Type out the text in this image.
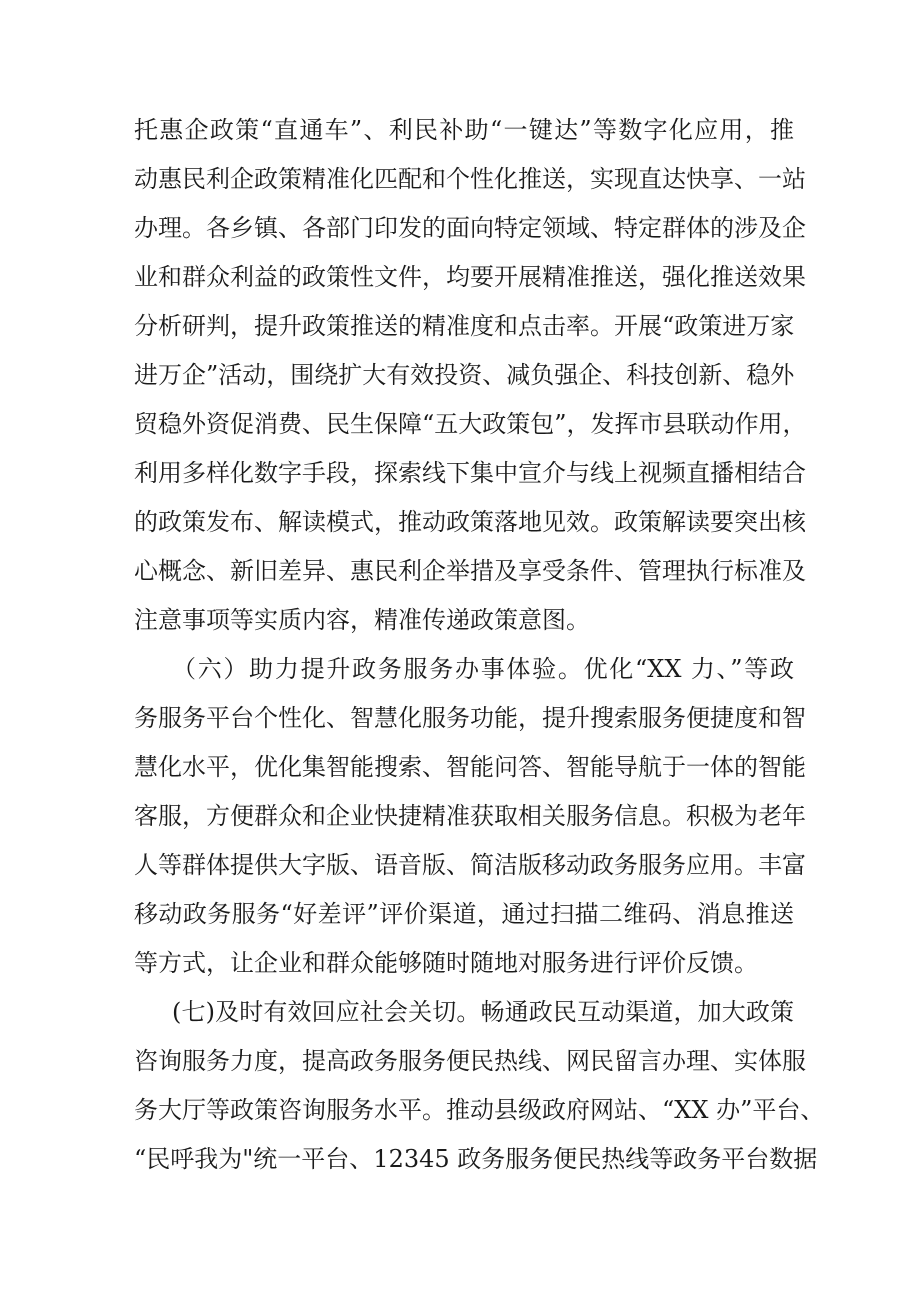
托惠企政策“直通车”、利民补助“一键达”等数字化应用，推
动惠民利企政策精准化匹配和个性化推送，实现直达快享、一站
办理。各乡镇、各部门印发的面向特定领域、特定群体的涉及企
业和群众利益的政策性文件，均要开展精准推送，强化推送效果
分析研判，提升政策推送的精准度和点击率。开展“政策进万家
进万企”活动，围绕扩大有效投资、减负强企、科技创新、稳外
贸稳外资促消费、民生保障“五大政策包”，发挥市县联动作用，
利用多样化数字手段，探索线下集中宣介与线上视频直播相结合
的政策发布、解读模式，推动政策落地见效。政策解读要突出核
心概念、新旧差异、惠民利企举措及享受条件、管理执行标准及
注意事项等实质内容，精准传递政策意图。
（六）助力提升政务服务办事体验。优化“XX 力、”等政
务服务平台个性化、智慧化服务功能，提升搜索服务便捷度和智
慧化水平，优化集智能搜索、智能问答、智能导航于一体的智能
客服，方便群众和企业快捷精准获取相关服务信息。积极为老年
人等群体提供大字版、语音版、简洁版移动政务服务应用。丰富
移动政务服务“好差评”评价渠道，通过扫描二维码、消息推送
等方式，让企业和群众能够随时随地对服务进行评价反馈。
(七)及时有效回应社会关切。畅通政民互动渠道，加大政策
咨询服务力度，提高政务服务便民热线、网民留言办理、实体服
务大厅等政策咨询服务水平。推动县级政府网站、“XX 办”平台、
“民呼我为"统一平台、12345 政务服务便民热线等政务平台数据
